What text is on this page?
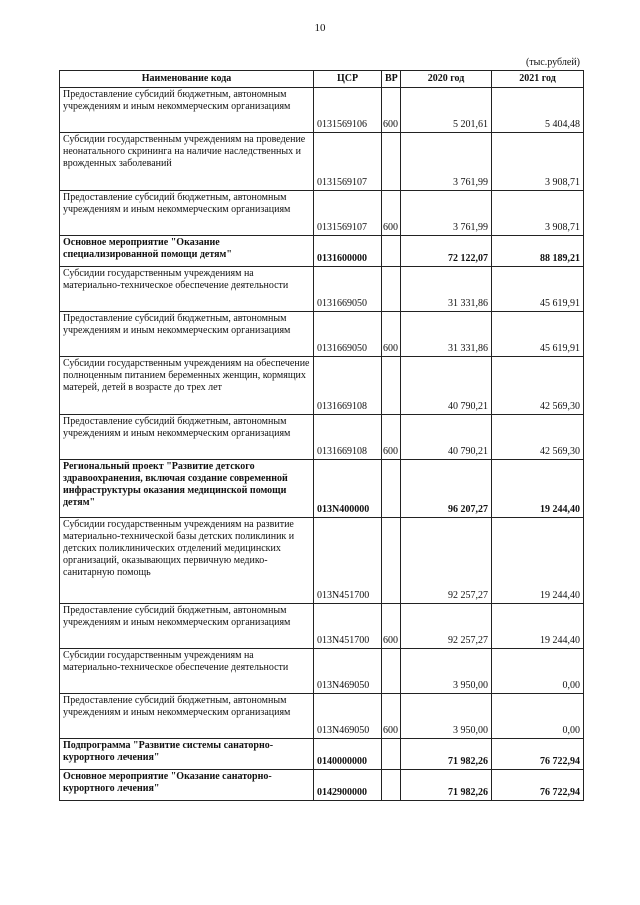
10
(тыс.рублей)
Наименование кода	ЦСР	ВР	2020 год	2021 год
Предоставление субсидий бюджетным, автономным учреждениям и иным некоммерческим организациям	0131569106	600	5 201,61	5 404,48
Субсидии государственным учреждениям на проведение неонатального скрининга на наличие наследственных и врожденных заболеваний	0131569107		3 761,99	3 908,71
Предоставление субсидий бюджетным, автономным учреждениям и иным некоммерческим организациям	0131569107	600	3 761,99	3 908,71
Основное мероприятие "Оказание специализированной помощи детям"	0131600000		72 122,07	88 189,21
Субсидии государственным учреждениям на материально-техническое обеспечение деятельности	0131669050		31 331,86	45 619,91
Предоставление субсидий бюджетным, автономным учреждениям и иным некоммерческим организациям	0131669050	600	31 331,86	45 619,91
Субсидии государственным учреждениям на обеспечение полноценным питанием беременных женщин, кормящих матерей, детей в возрасте до трех лет	0131669108		40 790,21	42 569,30
Предоставление субсидий бюджетным, автономным учреждениям и иным некоммерческим организациям	0131669108	600	40 790,21	42 569,30
Региональный проект "Развитие детского здравоохранения, включая создание современной инфраструктуры оказания медицинской помощи детям"	013N400000		96 207,27	19 244,40
Субсидии государственным учреждениям на развитие материально-технической базы детских поликлиник и детских поликлинических отделений медицинских организаций, оказывающих первичную медико-санитарную помощь	013N451700		92 257,27	19 244,40
Предоставление субсидий бюджетным, автономным учреждениям и иным некоммерческим организациям	013N451700	600	92 257,27	19 244,40
Субсидии государственным учреждениям на материально-техническое обеспечение деятельности	013N469050		3 950,00	0,00
Предоставление субсидий бюджетным, автономным учреждениям и иным некоммерческим организациям	013N469050	600	3 950,00	0,00
Подпрограмма "Развитие системы санаторно-курортного лечения"	0140000000		71 982,26	76 722,94
Основное мероприятие "Оказание санаторно-курортного лечения"	0142900000		71 982,26	76 722,94
